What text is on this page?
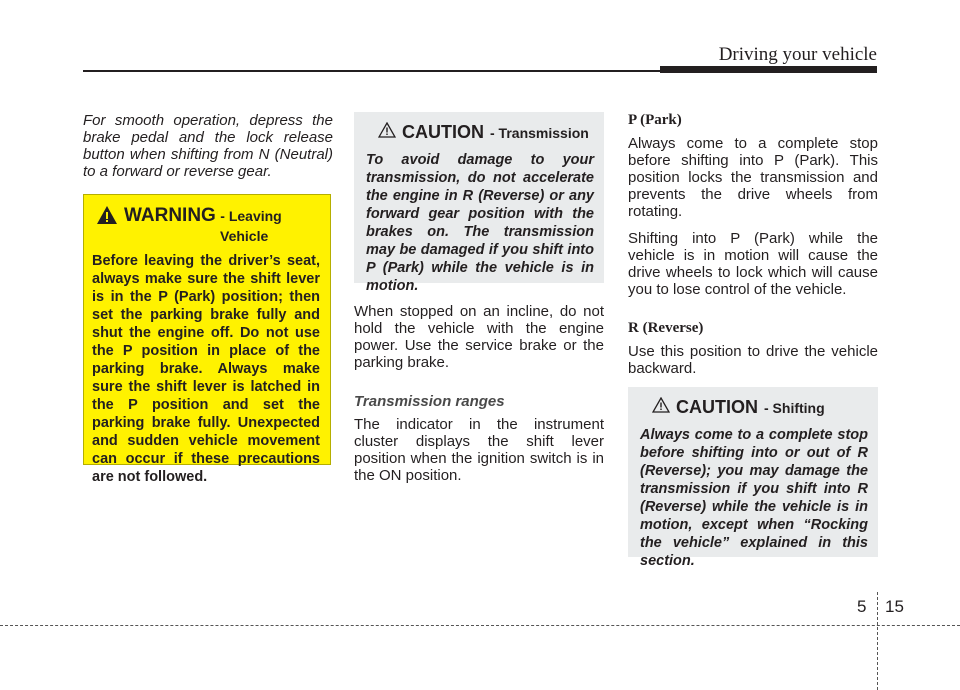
Driving your vehicle

For smooth operation, depress the brake pedal and the lock release button when shifting from N (Neutral) to a forward or reverse gear.

WARNING - Leaving
Vehicle

Before leaving the driver’s seat, always make sure the shift lever is in the P (Park) position; then set the parking brake fully and shut the engine off. Do not use the P position in place of the parking brake. Always make sure the shift lever is latched in the P position and set the parking brake fully. Unexpected and sudden vehicle movement can occur if these precautions are not followed.

CAUTION - Transmission

To avoid damage to your transmission, do not accelerate the engine in R (Reverse) or any forward gear position with the brakes on. The transmission may be damaged if you shift into P (Park) while the vehicle is in motion.

When stopped on an incline, do not hold the vehicle with the engine power. Use the service brake or the parking brake.

Transmission ranges

The indicator in the instrument cluster displays the shift lever position when the ignition switch is in the ON position.

P (Park)

Always come to a complete stop before shifting into P (Park). This position locks the transmission and prevents the drive wheels from rotating.

Shifting into P (Park) while the vehicle is in motion will cause the drive wheels to lock which will cause you to lose control of the vehicle.

R (Reverse)

Use this position to drive the vehicle backward.

CAUTION - Shifting

Always come to a complete stop before shifting into or out of R (Reverse); you may damage the transmission if you shift into R (Reverse) while the vehicle is in motion, except when “Rocking the vehicle” explained in this section.

5 15
